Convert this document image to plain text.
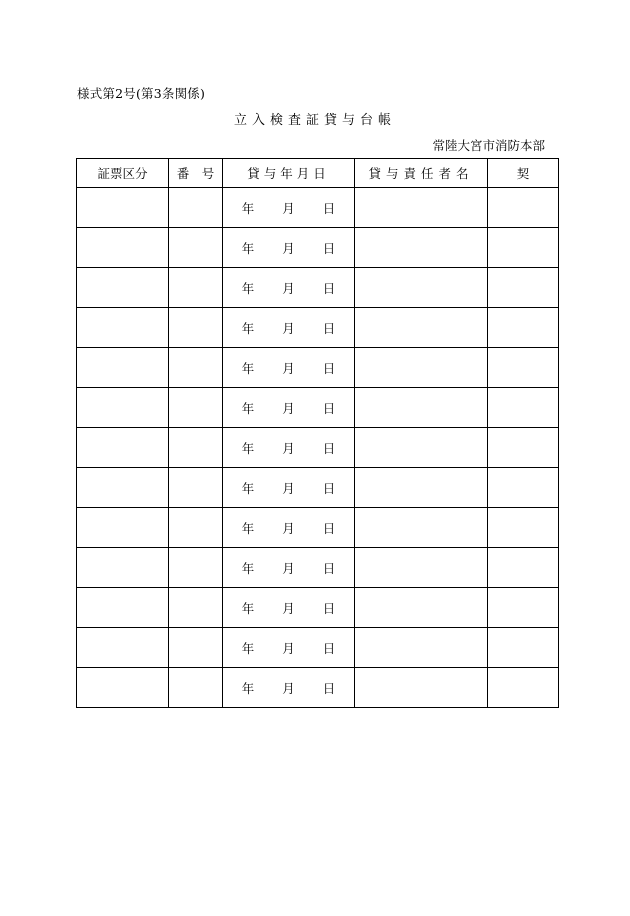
様式第2号(第3条関係)
立入検査証貸与台帳
常陸大宮市消防本部
証票区分	番　号	貸与年月日	貸与責任者名	契

		年 月 日		

		年 月 日		

		年 月 日		

		年 月 日		

		年 月 日		

		年 月 日		

		年 月 日		

		年 月 日		

		年 月 日		

		年 月 日		

		年 月 日		

		年 月 日		

		年 月 日		
